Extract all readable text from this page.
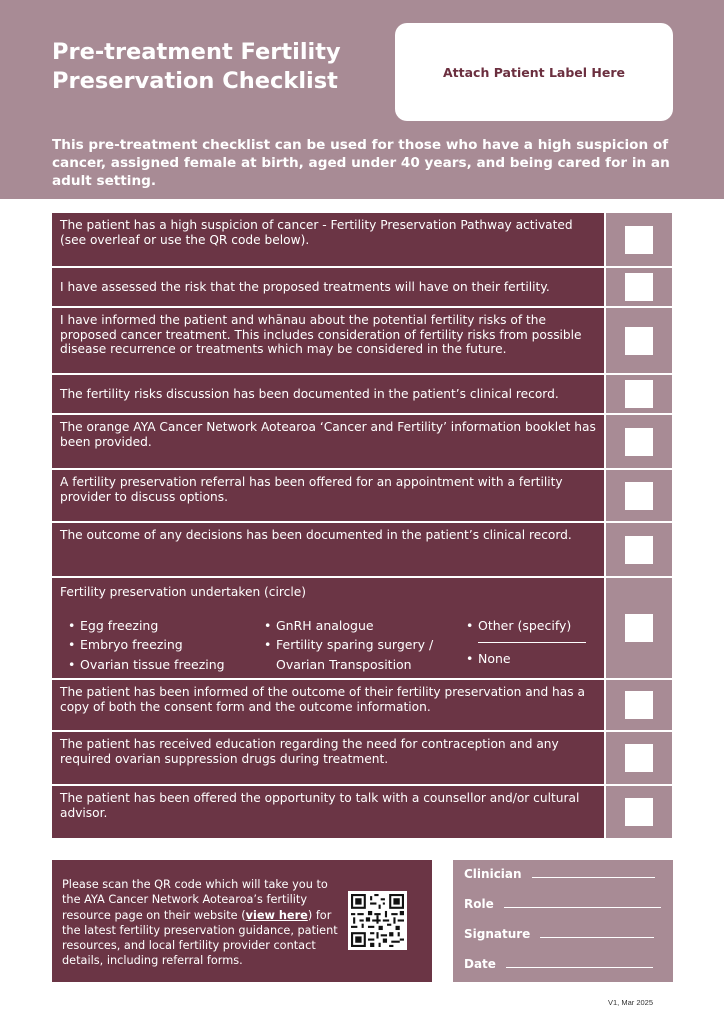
Pre-treatment Fertility Preservation Checklist	Attach Patient Label Here
This pre-treatment checklist can be used for those who have a high suspicion of cancer, assigned female at birth, aged under 40 years, and being cared for in an adult setting.
The patient has a high suspicion of cancer - Fertility Preservation Pathway activated (see overleaf or use the QR code below).
I have assessed the risk that the proposed treatments will have on their fertility.
I have informed the patient and whānau about the potential fertility risks of the proposed cancer treatment. This includes consideration of fertility risks from possible disease recurrence or treatments which may be considered in the future.
The fertility risks discussion has been documented in the patient’s clinical record.
The orange AYA Cancer Network Aotearoa ‘Cancer and Fertility’ information booklet has been provided.
A fertility preservation referral has been offered for an appointment with a fertility provider to discuss options.
The outcome of any decisions has been documented in the patient’s clinical record.
Fertility preservation undertaken (circle)
• Egg freezing
• Embryo freezing
• Ovarian tissue freezing
• GnRH analogue
• Fertility sparing surgery /
Ovarian Transposition
• Other (specify)
• None
The patient has been informed of the outcome of their fertility preservation and has a copy of both the consent form and the outcome information.
The patient has received education regarding the need for contraception and any required ovarian suppression drugs during treatment.
The patient has been offered the opportunity to talk with a counsellor and/or cultural advisor.
Please scan the QR code which will take you to the AYA Cancer Network Aotearoa’s fertility resource page on their website (view here) for the latest fertility preservation guidance, patient resources, and local fertility provider contact details, including referral forms.
Clinician
Role
Signature
Date
V1, Mar 2025
